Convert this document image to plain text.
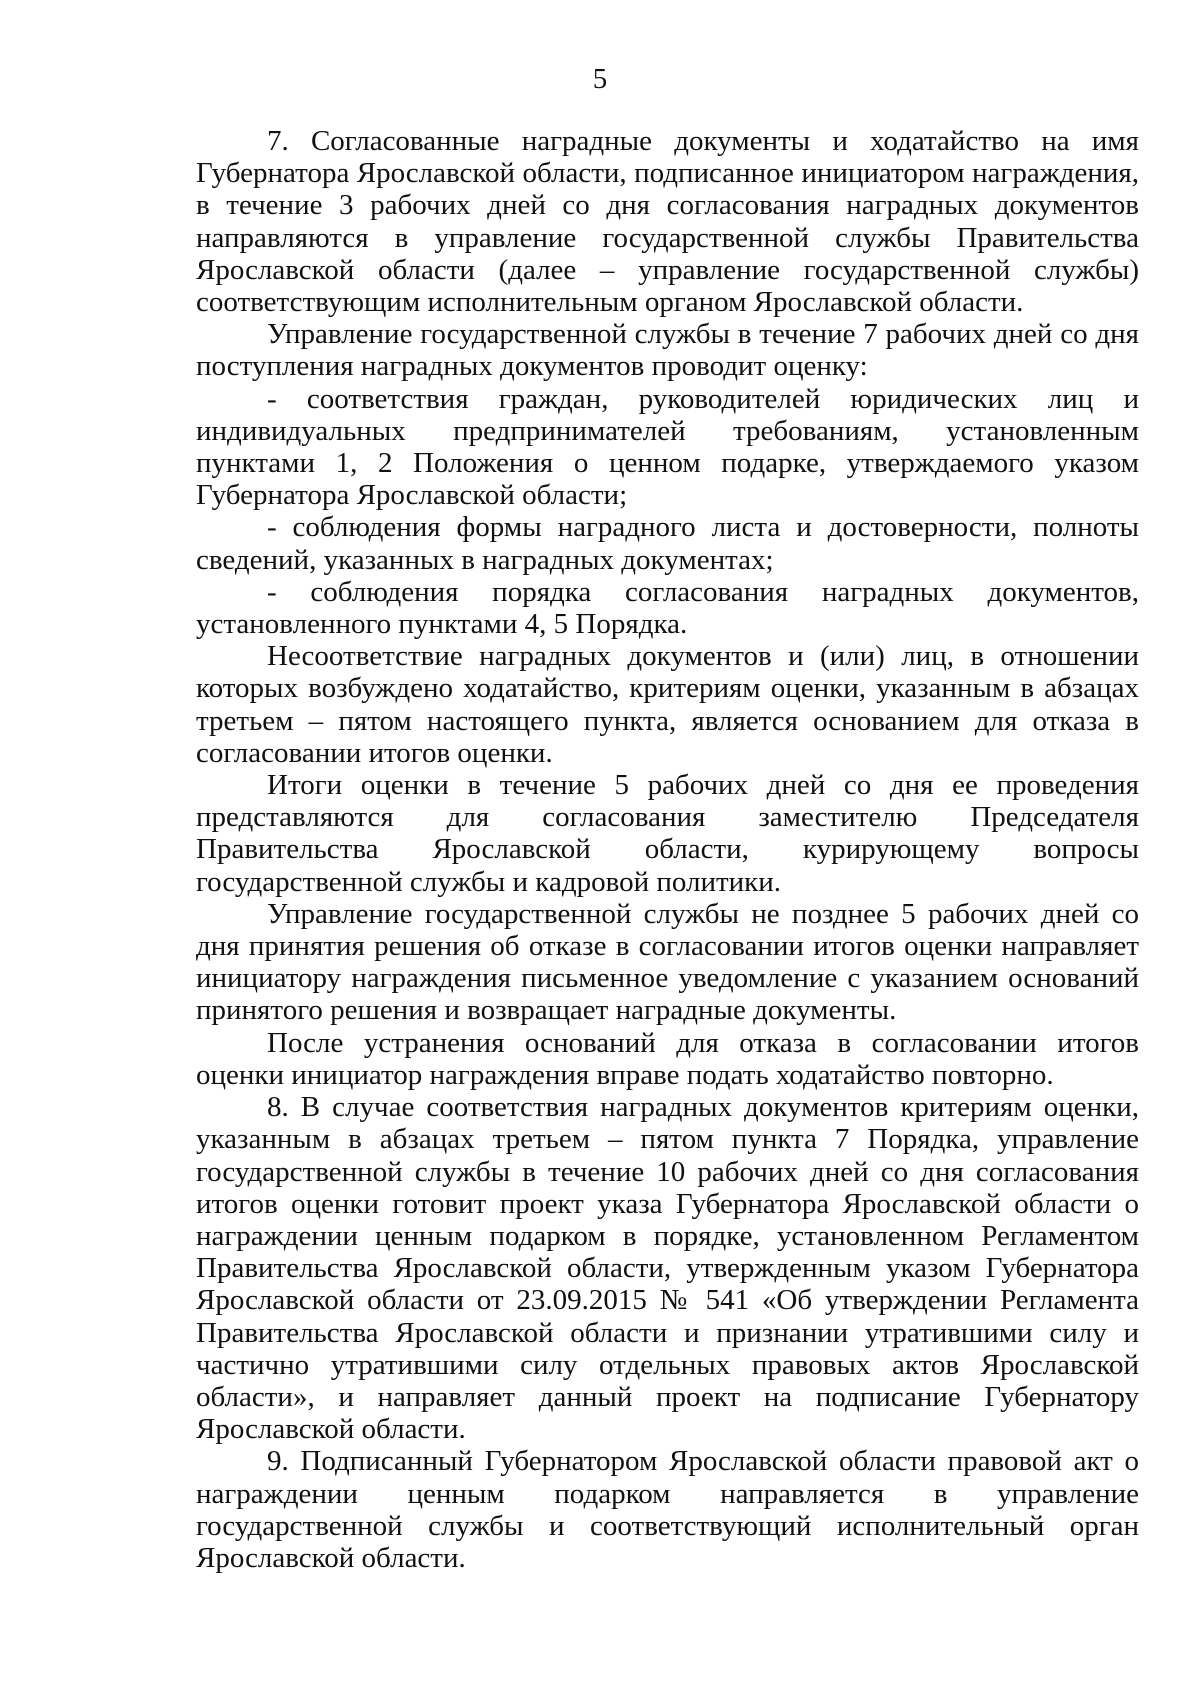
5

7. Согласованные наградные документы и ходатайство на имя Губернатора Ярославской области, подписанное инициатором награждения, в течение 3 рабочих дней со дня согласования наградных документов направляются в управление государственной службы Правительства Ярославской области (далее – управление государственной службы) соответствующим исполнительным органом Ярославской области.

Управление государственной службы в течение 7 рабочих дней со дня поступления наградных документов проводит оценку:

- соответствия граждан, руководителей юридических лиц и индивидуальных предпринимателей требованиям, установленным пунктами 1, 2 Положения о ценном подарке, утверждаемого указом Губернатора Ярославской области;

- соблюдения формы наградного листа и достоверности, полноты сведений, указанных в наградных документах;

- соблюдения порядка согласования наградных документов, установленного пунктами 4, 5 Порядка.

Несоответствие наградных документов и (или) лиц, в отношении которых возбуждено ходатайство, критериям оценки, указанным в абзацах третьем – пятом настоящего пункта, является основанием для отказа в согласовании итогов оценки.

Итоги оценки в течение 5 рабочих дней со дня ее проведения представляются для согласования заместителю Председателя Правительства Ярославской области, курирующему вопросы государственной службы и кадровой политики.

Управление государственной службы не позднее 5 рабочих дней со дня принятия решения об отказе в согласовании итогов оценки направляет инициатору награждения письменное уведомление с указанием оснований принятого решения и возвращает наградные документы.

После устранения оснований для отказа в согласовании итогов оценки инициатор награждения вправе подать ходатайство повторно.

8. В случае соответствия наградных документов критериям оценки, указанным в абзацах третьем – пятом пункта 7 Порядка, управление государственной службы в течение 10 рабочих дней со дня согласования итогов оценки готовит проект указа Губернатора Ярославской области о награждении ценным подарком в порядке, установленном Регламентом Правительства Ярославской области, утвержденным указом Губернатора Ярославской области от 23.09.2015 № 541 «Об утверждении Регламента Правительства Ярославской области и признании утратившими силу и частично утратившими силу отдельных правовых актов Ярославской области», и направляет данный проект на подписание Губернатору Ярославской области.

9. Подписанный Губернатором Ярославской области правовой акт о награждении ценным подарком направляется в управление государственной службы и соответствующий исполнительный орган Ярославской области.
